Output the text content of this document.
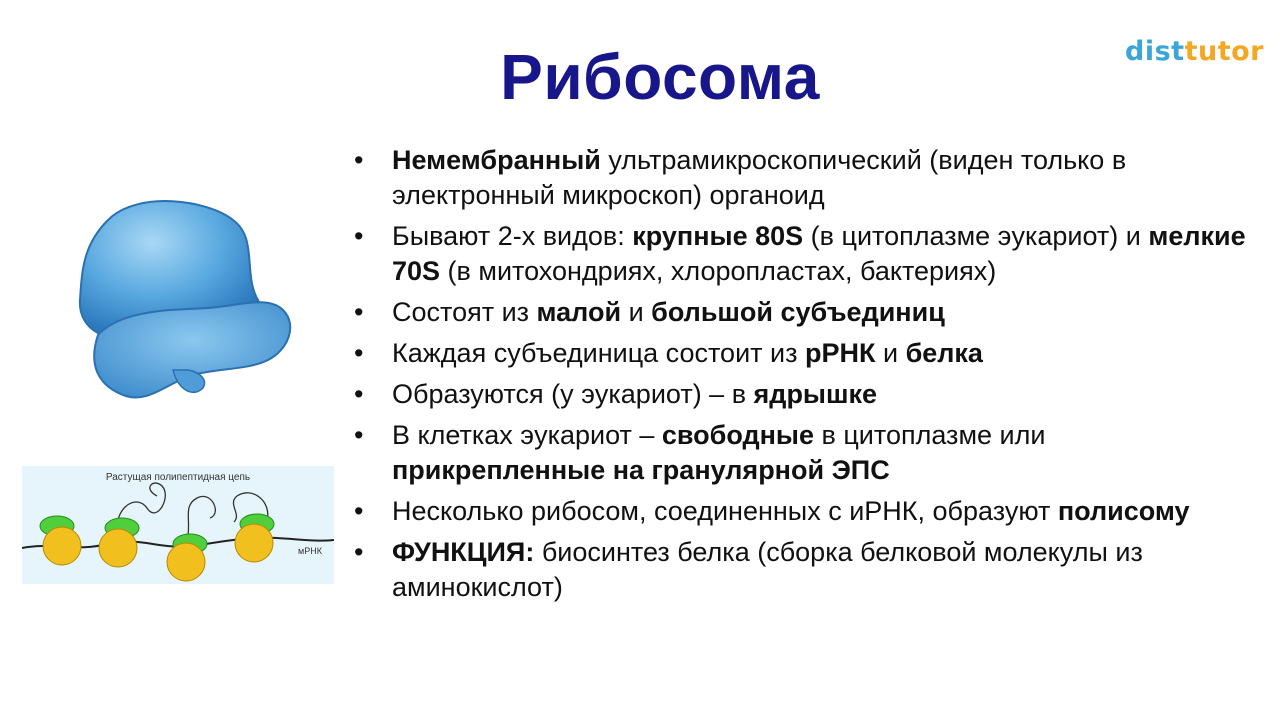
Рибосома	disttutor
Растущая полипептидная цепь
мРНК
• Немембранный ультрамикроскопический (виден только в электронный микроскоп) органоид
• Бывают 2-х видов: крупные 80S (в цитоплазме эукариот) и мелкие 70S (в митохондриях, хлоропластах, бактериях)
• Состоят из малой и большой субъединиц
• Каждая субъединица состоит из рРНК и белка
• Образуются (у эукариот) – в ядрышке
• В клетках эукариот – свободные в цитоплазме или прикрепленные на гранулярной ЭПС
• Несколько рибосом, соединенных с иРНК, образуют полисому
• ФУНКЦИЯ: биосинтез белка (сборка белковой молекулы из аминокислот)
